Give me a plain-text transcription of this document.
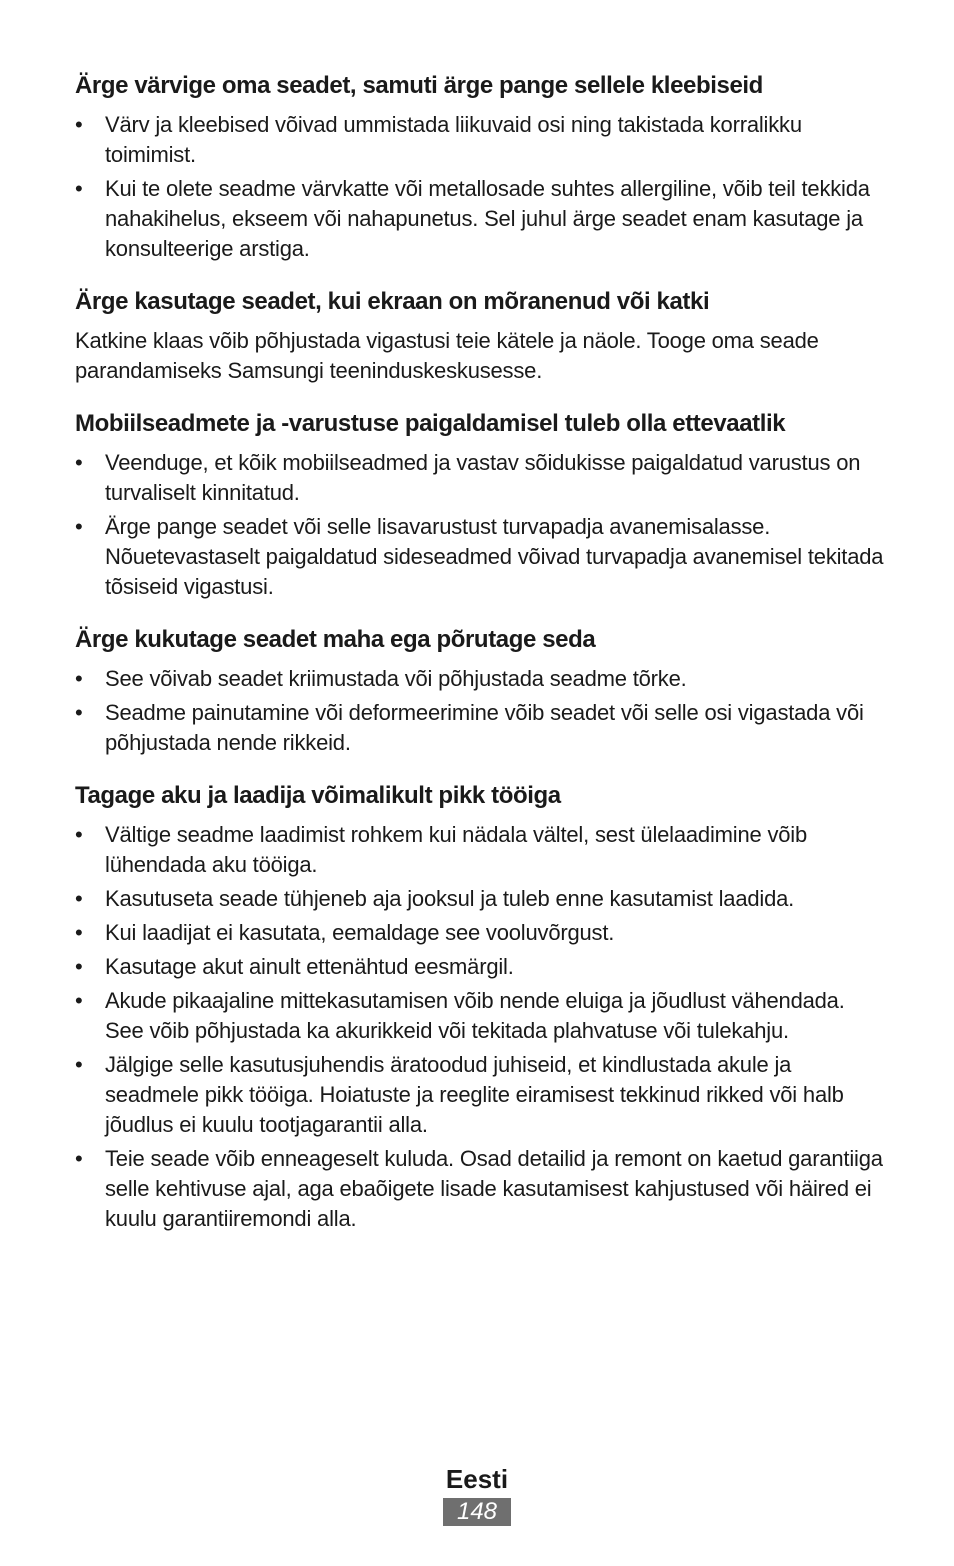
Ärge värvige oma seadet, samuti ärge pange sellele kleebiseid
• Värv ja kleebised võivad ummistada liikuvaid osi ning takistada korralikku toimimist.
• Kui te olete seadme värvkatte või metallosade suhtes allergiline, võib teil tekkida nahakihelus, ekseem või nahapunetus. Sel juhul ärge seadet enam kasutage ja konsulteerige arstiga.
Ärge kasutage seadet, kui ekraan on mõranenud või katki

Katkine klaas võib põhjustada vigastusi teie kätele ja näole. Tooge oma seade parandamiseks Samsungi teeninduskeskusesse.

Mobiilseadmete ja -varustuse paigaldamisel tuleb olla ettevaatlik
• Veenduge, et kõik mobiilseadmed ja vastav sõidukisse paigaldatud varustus on turvaliselt kinnitatud.
• Ärge pange seadet või selle lisavarustust turvapadja avanemisalasse. Nõuetevastaselt paigaldatud sideseadmed võivad turvapadja avanemisel tekitada tõsiseid vigastusi.
Ärge kukutage seadet maha ega põrutage seda
• See võivab seadet kriimustada või põhjustada seadme tõrke.
• Seadme painutamine või deformeerimine võib seadet või selle osi vigastada või põhjustada nende rikkeid.
Tagage aku ja laadija võimalikult pikk tööiga
• Vältige seadme laadimist rohkem kui nädala vältel, sest ülelaadimine võib lühendada aku tööiga.
• Kasutuseta seade tühjeneb aja jooksul ja tuleb enne kasutamist laadida.
• Kui laadijat ei kasutata, eemaldage see vooluvõrgust.
• Kasutage akut ainult ettenähtud eesmärgil.
• Akude pikaajaline mittekasutamisen võib nende eluiga ja jõudlust vähendada. See võib põhjustada ka akurikkeid või tekitada plahvatuse või tulekahju.
• Jälgige selle kasutusjuhendis äratoodud juhiseid, et kindlustada akule ja seadmele pikk tööiga. Hoiatuste ja reeglite eiramisest tekkinud rikked või halb jõudlus ei kuulu tootjagarantii alla.
• Teie seade võib enneageselt kuluda. Osad detailid ja remont on kaetud garantiiga selle kehtivuse ajal, aga ebaõigete lisade kasutamisest kahjustused või häired ei kuulu garantiiremondi alla.
Eesti
148
